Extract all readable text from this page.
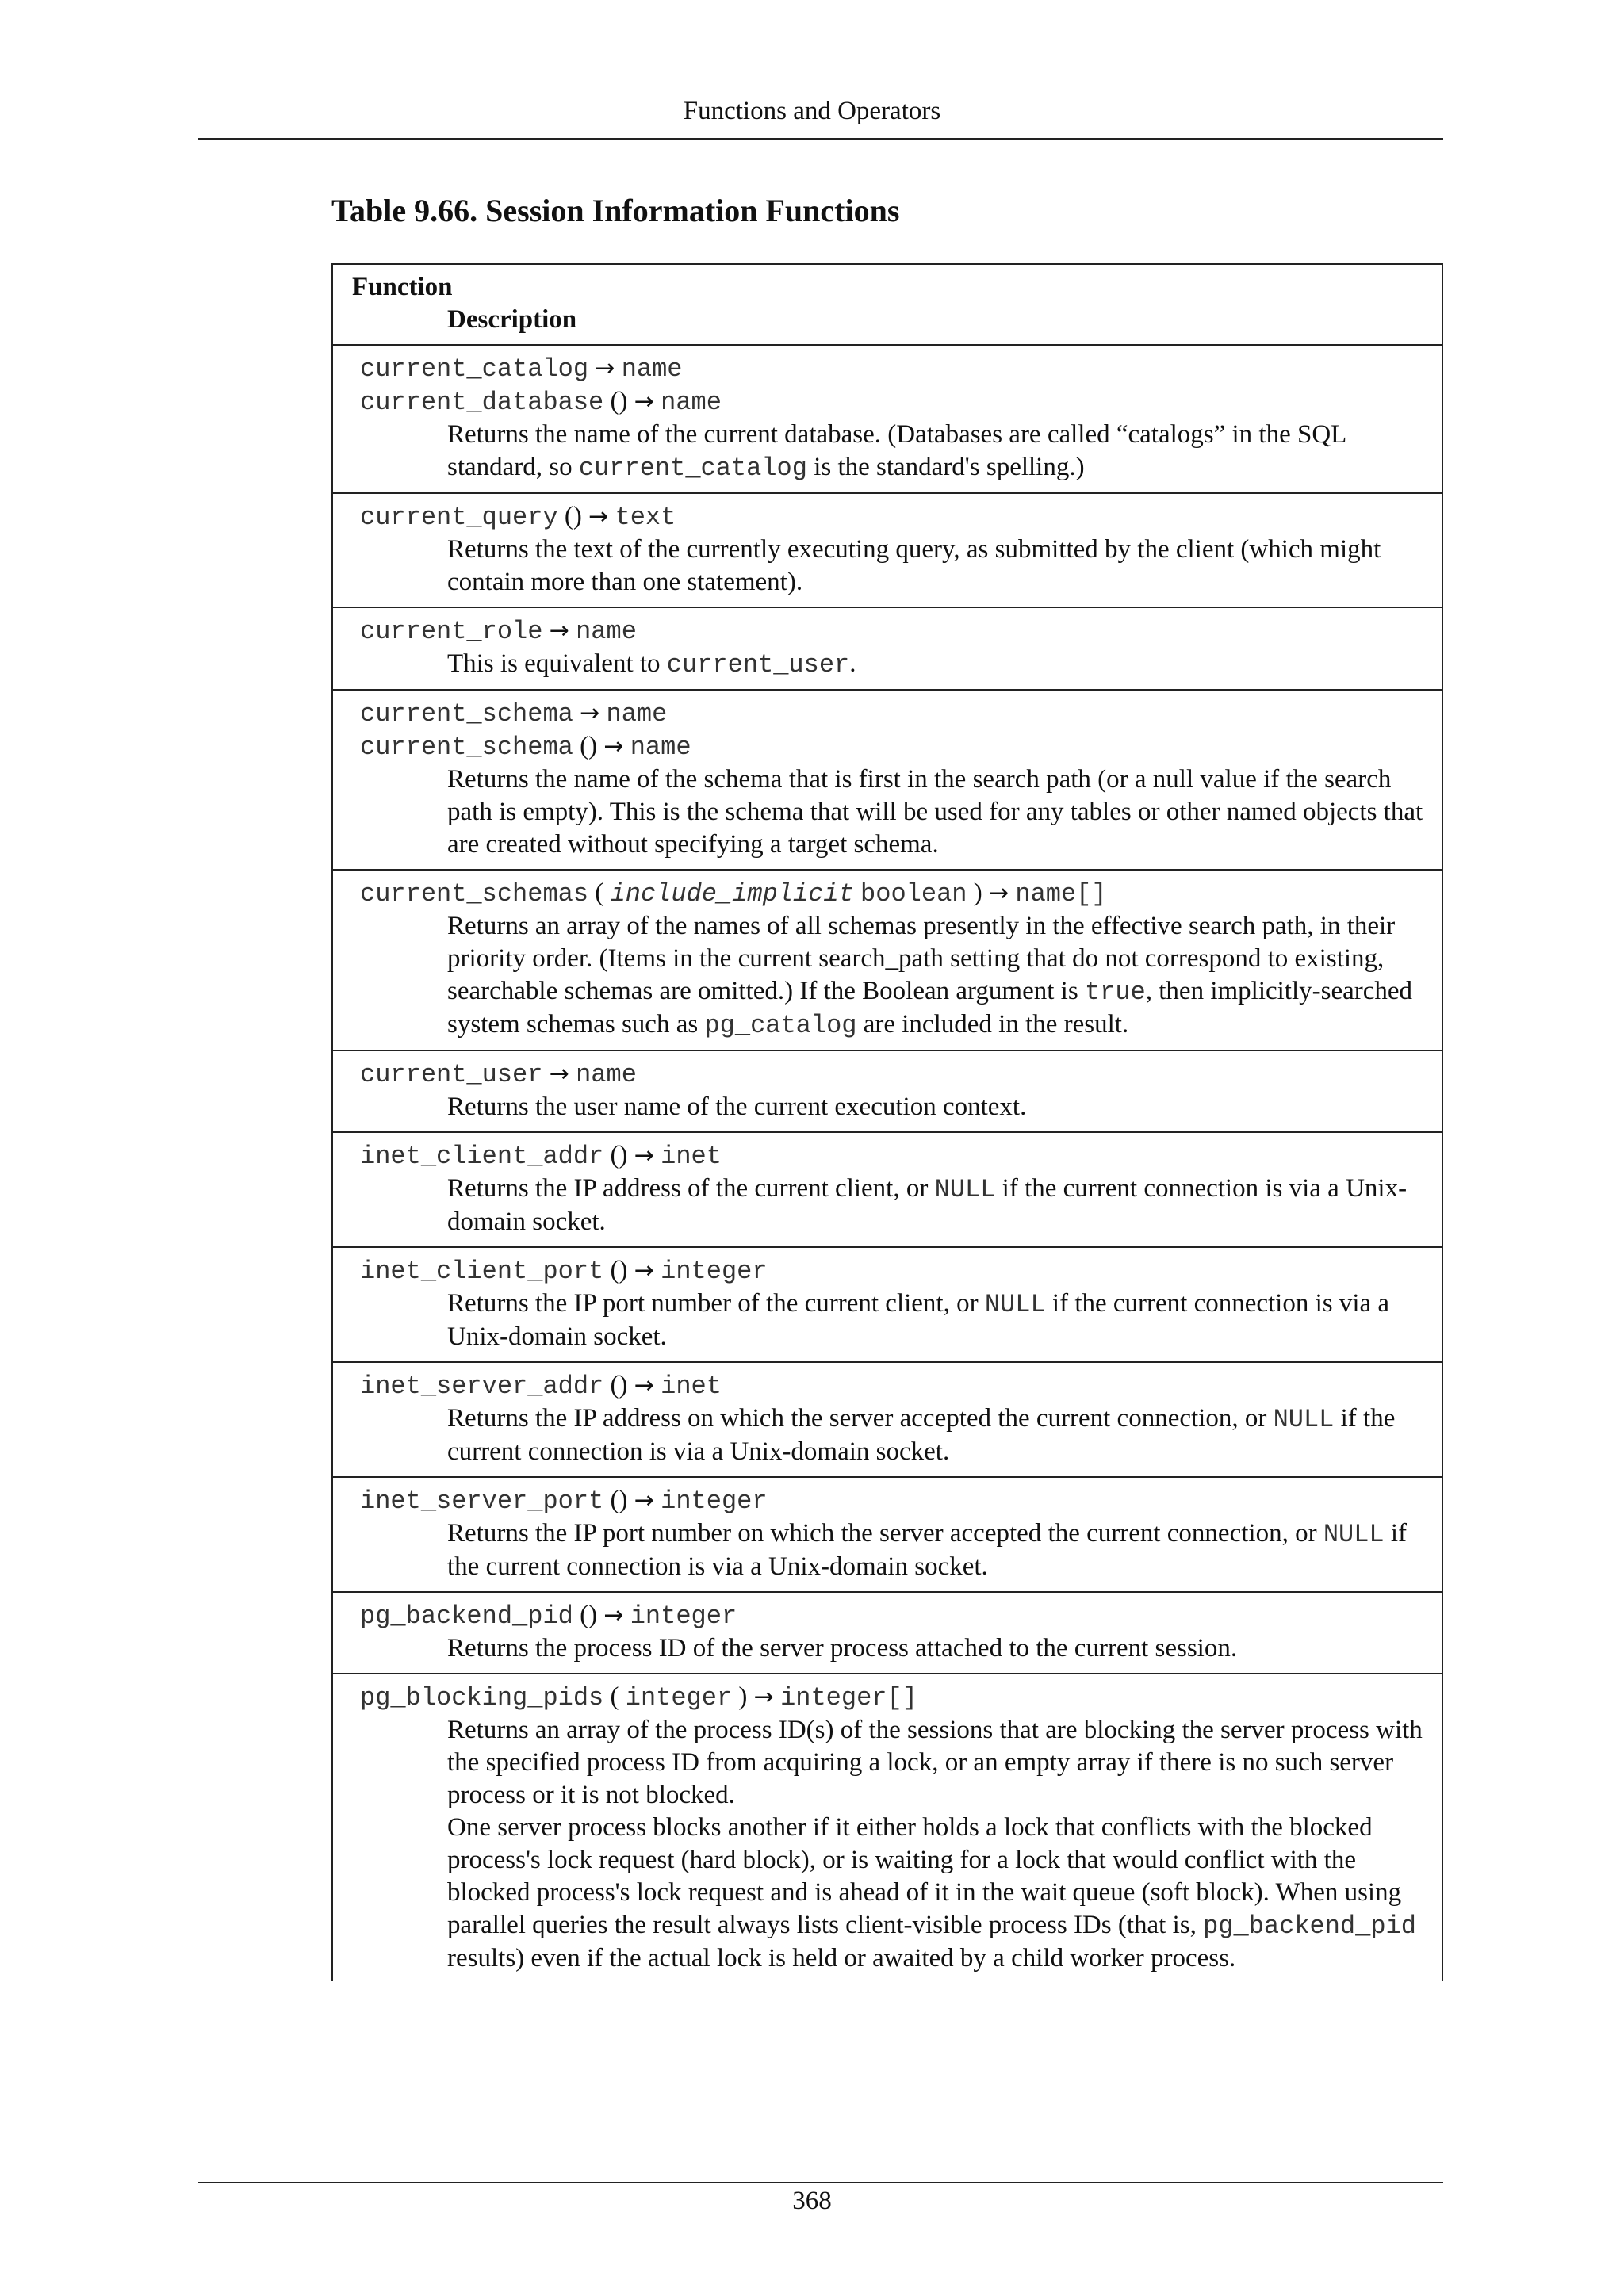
Functions and Operators
Table 9.66. Session Information Functions
Function
Description

current_catalog → name
current_database () → name
Returns the name of the current database. (Databases are called “catalogs” in the SQL standard, so current_catalog is the standard's spelling.)

current_query () → text
Returns the text of the currently executing query, as submitted by the client (which might contain more than one statement).

current_role → name
This is equivalent to current_user.

current_schema → name
current_schema () → name
Returns the name of the schema that is first in the search path (or a null value if the search path is empty). This is the schema that will be used for any tables or other named objects that are created without specifying a target schema.

current_schemas ( include_implicit boolean ) → name[]
Returns an array of the names of all schemas presently in the effective search path, in their priority order. (Items in the current search_path setting that do not correspond to existing, searchable schemas are omitted.) If the Boolean argument is true, then implicitly-searched system schemas such as pg_catalog are included in the result.

current_user → name
Returns the user name of the current execution context.

inet_client_addr () → inet
Returns the IP address of the current client, or NULL if the current connection is via a Unix-domain socket.

inet_client_port () → integer
Returns the IP port number of the current client, or NULL if the current connection is via a Unix-domain socket.

inet_server_addr () → inet
Returns the IP address on which the server accepted the current connection, or NULL if the current connection is via a Unix-domain socket.

inet_server_port () → integer
Returns the IP port number on which the server accepted the current connection, or NULL if the current connection is via a Unix-domain socket.

pg_backend_pid () → integer
Returns the process ID of the server process attached to the current session.

pg_blocking_pids ( integer ) → integer[]
Returns an array of the process ID(s) of the sessions that are blocking the server process with the specified process ID from acquiring a lock, or an empty array if there is no such server process or it is not blocked.
One server process blocks another if it either holds a lock that conflicts with the blocked process's lock request (hard block), or is waiting for a lock that would conflict with the blocked process's lock request and is ahead of it in the wait queue (soft block). When using parallel queries the result always lists client-visible process IDs (that is, pg_backend_pid results) even if the actual lock is held or awaited by a child worker process.
368
